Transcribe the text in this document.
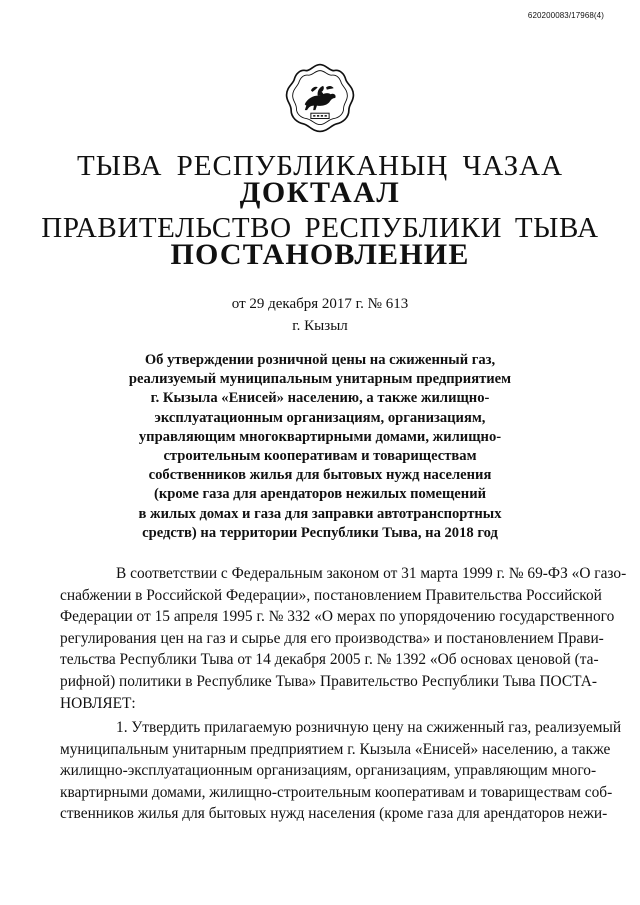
620200083/17968(4)
ТЫВА РЕСПУБЛИКАНЫҢ ЧАЗАА
ДОКТААЛ
ПРАВИТЕЛЬСТВО РЕСПУБЛИКИ ТЫВА
ПОСТАНОВЛЕНИЕ
от 29 декабря 2017 г. № 613
г. Кызыл
Об утверждении розничной цены на сжиженный газ,
реализуемый муниципальным унитарным предприятием
г. Кызыла «Енисей» населению, а также жилищно-
эксплуатационным организациям, организациям,
управляющим многоквартирными домами, жилищно-
строительным кооперативам и товариществам
собственников жилья для бытовых нужд населения
(кроме газа для арендаторов нежилых помещений
в жилых домах и газа для заправки автотранспортных
средств) на территории Республики Тыва, на 2018 год
В соответствии с Федеральным законом от 31 марта 1999 г. № 69-ФЗ «О газо-
снабжении в Российской Федерации», постановлением Правительства Российской
Федерации от 15 апреля 1995 г. № 332 «О мерах по упорядочению государственного
регулирования цен на газ и сырье для его производства» и постановлением Прави-
тельства Республики Тыва от 14 декабря 2005 г. № 1392 «Об основах ценовой (та-
рифной) политики в Республике Тыва» Правительство Республики Тыва ПОСТА-
НОВЛЯЕТ:
1. Утвердить прилагаемую розничную цену на сжиженный газ, реализуемый
муниципальным унитарным предприятием г. Кызыла «Енисей» населению, а также
жилищно-эксплуатационным организациям, организациям, управляющим много-
квартирными домами, жилищно-строительным кооперативам и товариществам соб-
ственников жилья для бытовых нужд населения (кроме газа для арендаторов нежи-
